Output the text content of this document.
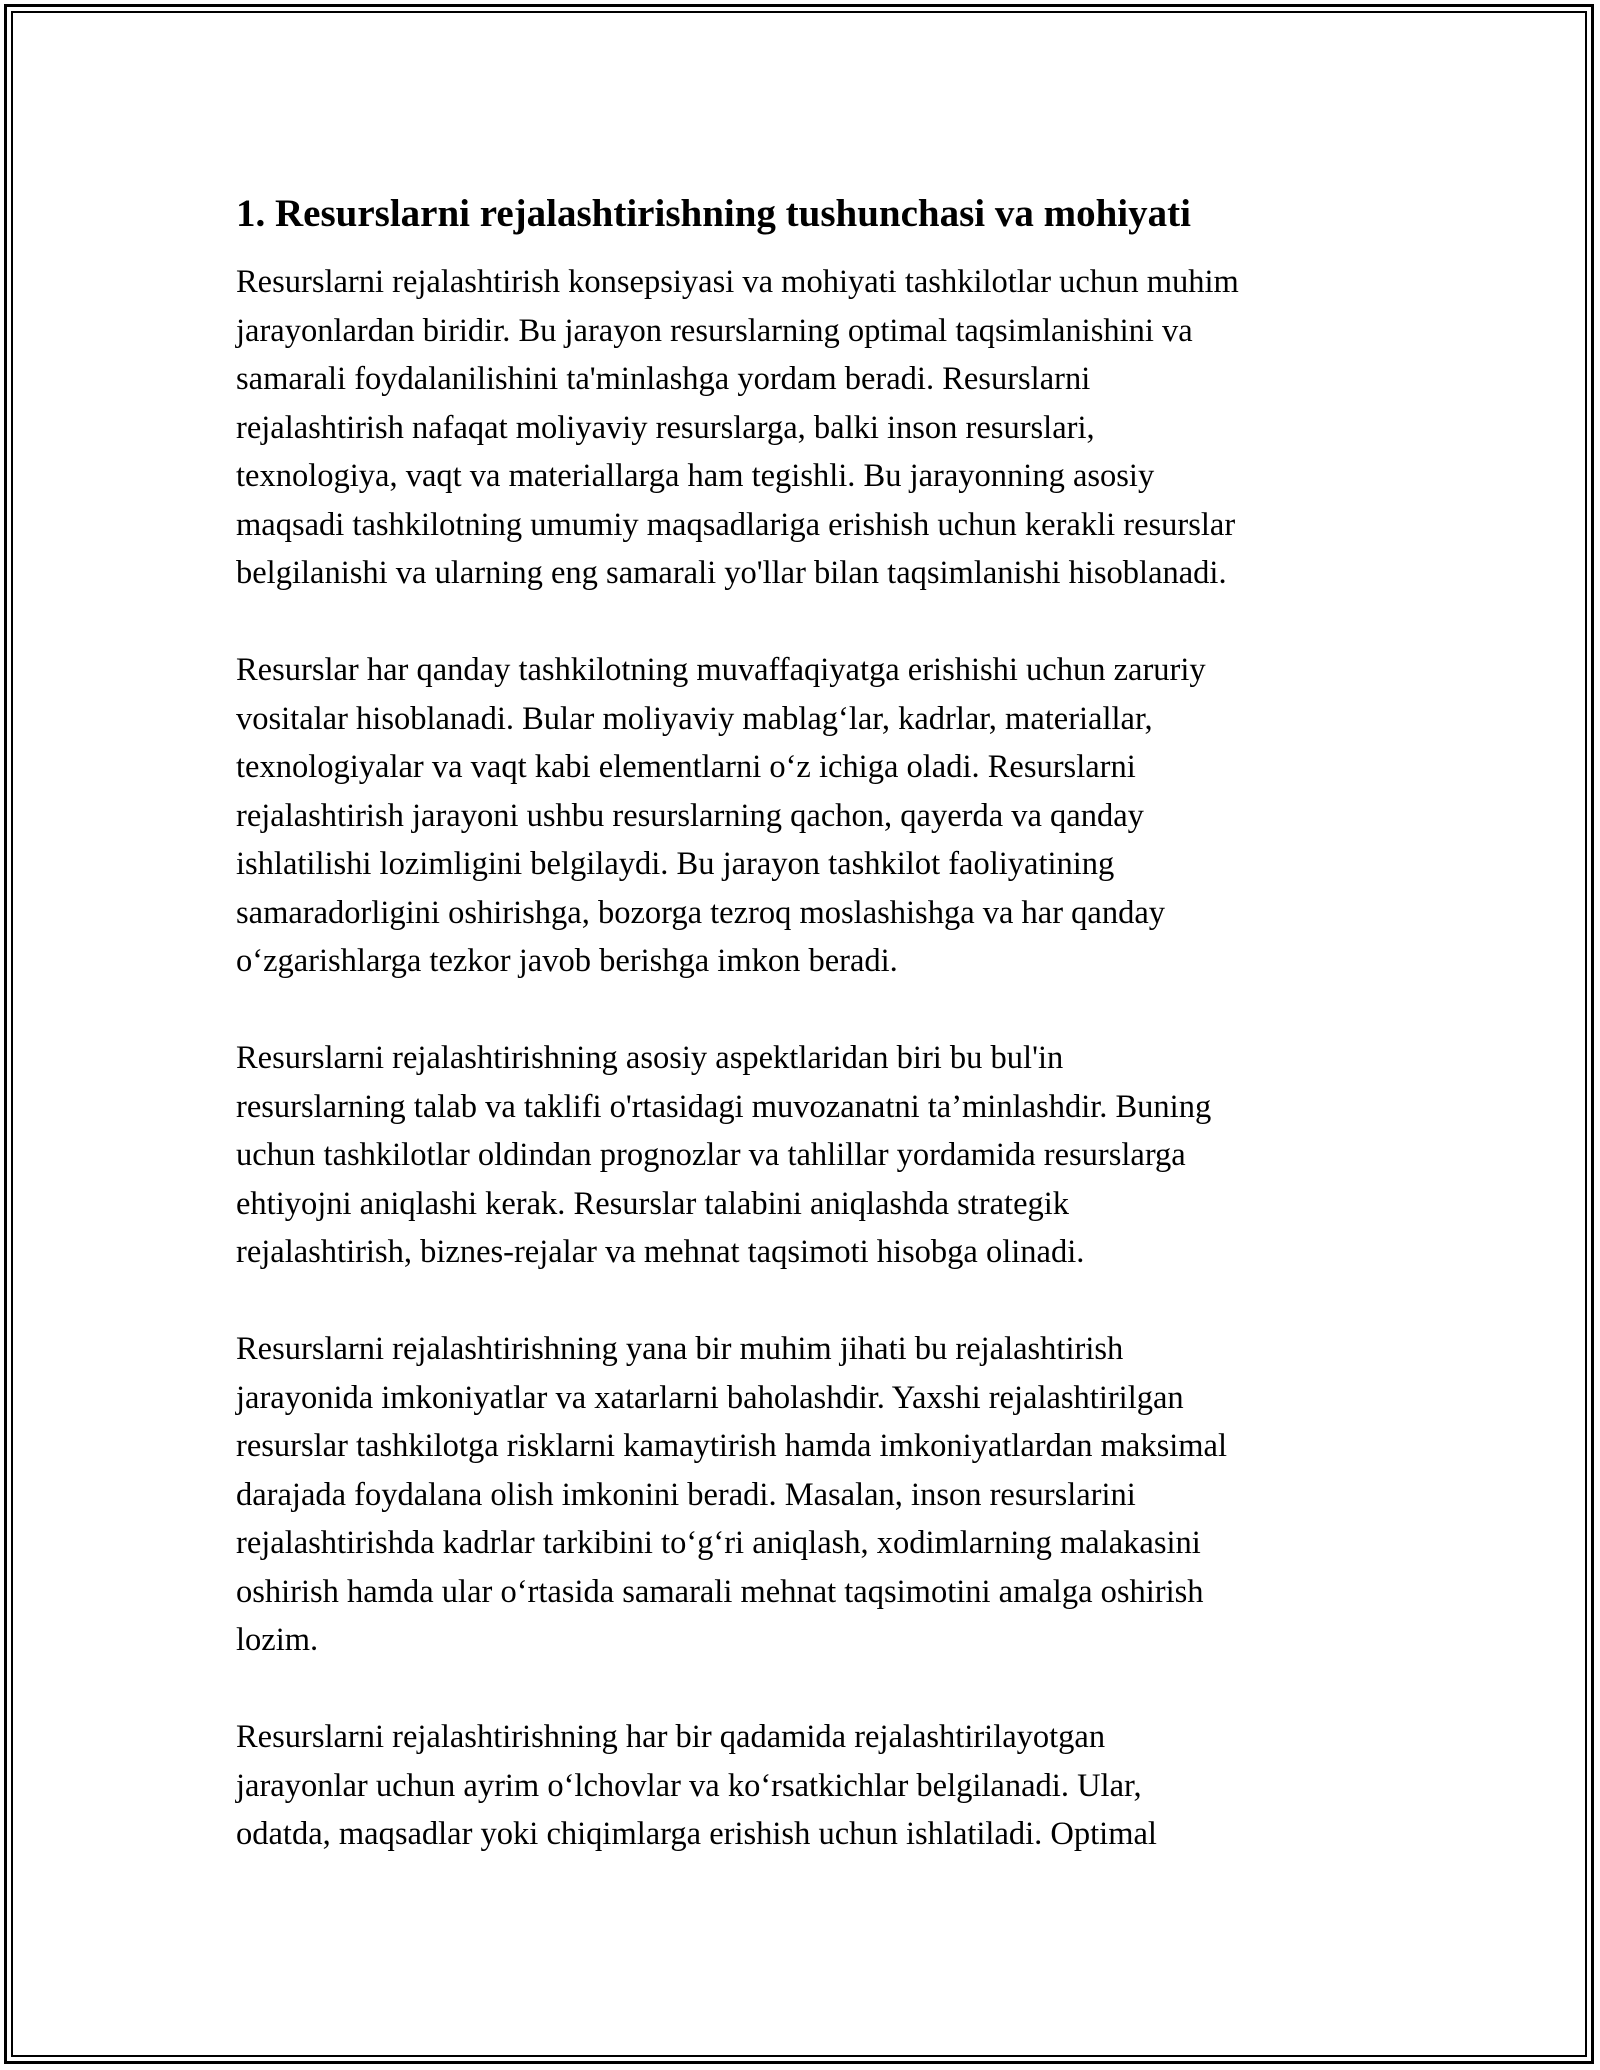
1. Resurslarni rejalashtirishning tushunchasi va mohiyati

Resurslarni rejalashtirish konsepsiyasi va mohiyati tashkilotlar uchun muhim
jarayonlardan biridir. Bu jarayon resurslarning optimal taqsimlanishini va
samarali foydalanilishini ta'minlashga yordam beradi. Resurslarni
rejalashtirish nafaqat moliyaviy resurslarga, balki inson resurslari,
texnologiya, vaqt va materiallarga ham tegishli. Bu jarayonning asosiy
maqsadi tashkilotning umumiy maqsadlariga erishish uchun kerakli resurslar
belgilanishi va ularning eng samarali yo'llar bilan taqsimlanishi hisoblanadi.

Resurslar har qanday tashkilotning muvaffaqiyatga erishishi uchun zaruriy
vositalar hisoblanadi. Bular moliyaviy mablag‘lar, kadrlar, materiallar,
texnologiyalar va vaqt kabi elementlarni o‘z ichiga oladi. Resurslarni
rejalashtirish jarayoni ushbu resurslarning qachon, qayerda va qanday
ishlatilishi lozimligini belgilaydi. Bu jarayon tashkilot faoliyatining
samaradorligini oshirishga, bozorga tezroq moslashishga va har qanday
o‘zgarishlarga tezkor javob berishga imkon beradi.

Resurslarni rejalashtirishning asosiy aspektlaridan biri bu bul'in
resurslarning talab va taklifi o'rtasidagi muvozanatni ta’minlashdir. Buning
uchun tashkilotlar oldindan prognozlar va tahlillar yordamida resurslarga
ehtiyojni aniqlashi kerak. Resurslar talabini aniqlashda strategik
rejalashtirish, biznes-rejalar va mehnat taqsimoti hisobga olinadi.

Resurslarni rejalashtirishning yana bir muhim jihati bu rejalashtirish
jarayonida imkoniyatlar va xatarlarni baholashdir. Yaxshi rejalashtirilgan
resurslar tashkilotga risklarni kamaytirish hamda imkoniyatlardan maksimal
darajada foydalana olish imkonini beradi. Masalan, inson resurslarini
rejalashtirishda kadrlar tarkibini to‘g‘ri aniqlash, xodimlarning malakasini
oshirish hamda ular o‘rtasida samarali mehnat taqsimotini amalga oshirish
lozim.

Resurslarni rejalashtirishning har bir qadamida rejalashtirilayotgan
jarayonlar uchun ayrim o‘lchovlar va ko‘rsatkichlar belgilanadi. Ular,
odatda, maqsadlar yoki chiqimlarga erishish uchun ishlatiladi. Optimal
